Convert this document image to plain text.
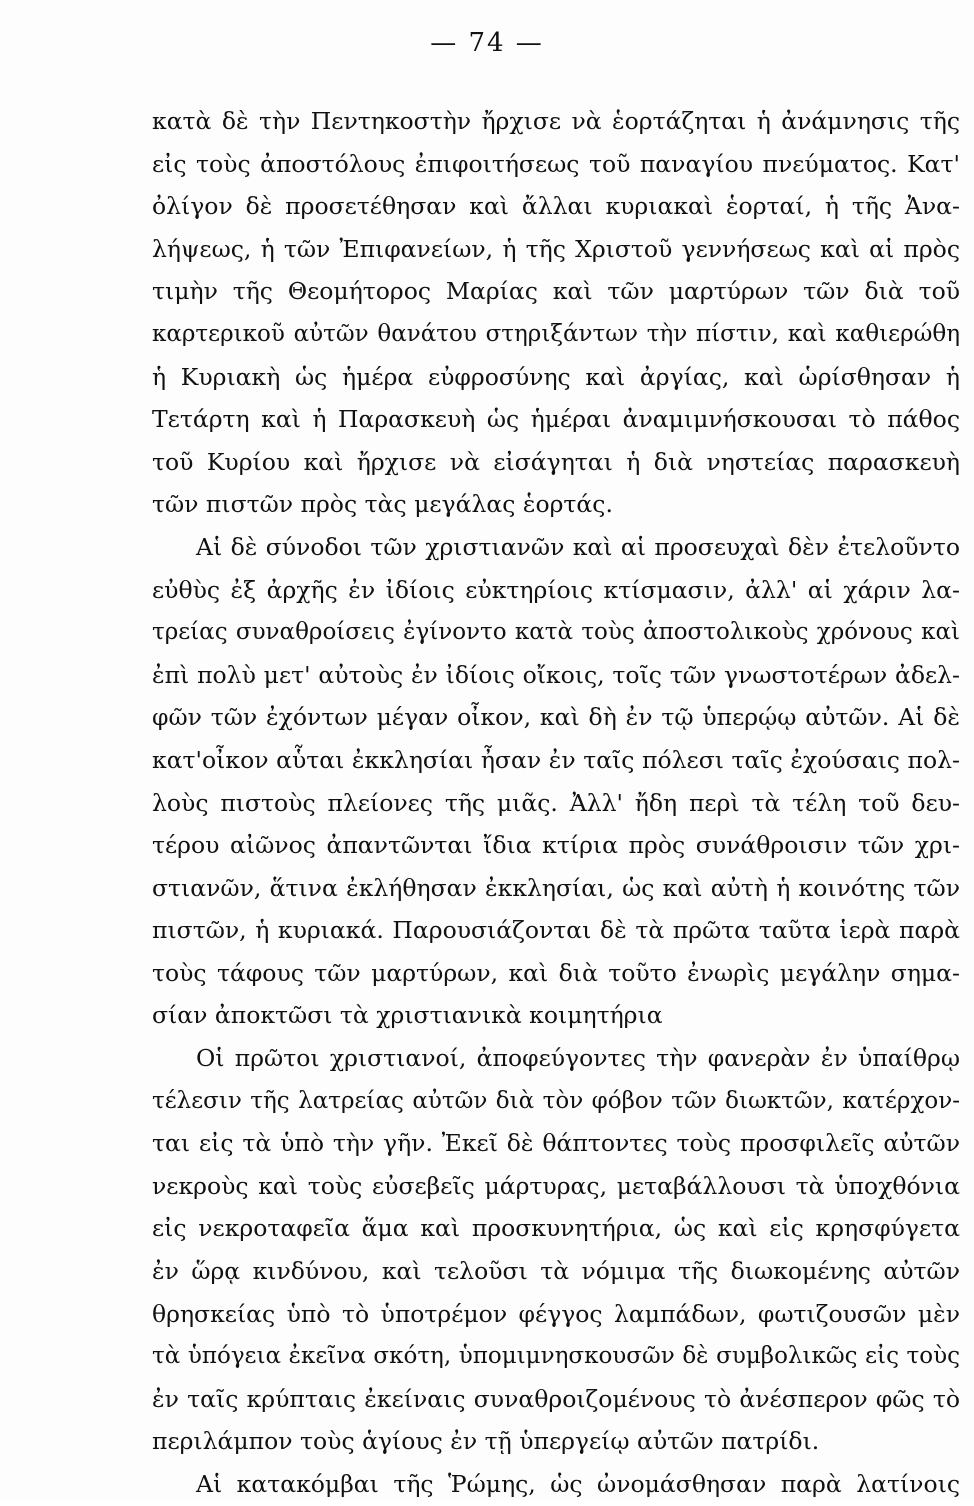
— 74 —
κατὰ δὲ τὴν Πεντηκοστὴν ἤρχισε νὰ ἑορτάζηται ἡ ἀνάμνησις τῆς
εἰς τοὺς ἀποστόλους ἐπιφοιτήσεως τοῦ παναγίου πνεύματος. Κατ'
ὀλίγον δὲ προσετέθησαν καὶ ἄλλαι κυριακαὶ ἑορταί, ἡ τῆς Ἀνα-
λήψεως, ἡ τῶν Ἐπιφανείων, ἡ τῆς Χριστοῦ γεννήσεως καὶ αἱ πρὸς
τιμὴν τῆς Θεομήτορος Μαρίας καὶ τῶν μαρτύρων τῶν διὰ τοῦ
καρτερικοῦ αὐτῶν θανάτου στηριξάντων τὴν πίστιν, καὶ καθιερώθη
ἡ Κυριακὴ ὡς ἡμέρα εὐφροσύνης καὶ ἀργίας, καὶ ὡρίσθησαν ἡ
Τετάρτη καὶ ἡ Παρασκευὴ ὡς ἡμέραι ἀναμιμνήσκουσαι τὸ πάθος
τοῦ Κυρίου καὶ ἤρχισε νὰ εἰσάγηται ἡ διὰ νηστείας παρασκευὴ
τῶν πιστῶν πρὸς τὰς μεγάλας ἑορτάς.
Αἱ δὲ σύνοδοι τῶν χριστιανῶν καὶ αἱ προσευχαὶ δὲν ἐτελοῦντο
εὐθὺς ἐξ ἀρχῆς ἐν ἰδίοις εὐκτηρίοις κτίσμασιν, ἀλλ' αἱ χάριν λα-
τρείας συναθροίσεις ἐγίνοντο κατὰ τοὺς ἀποστολικοὺς χρόνους καὶ
ἐπὶ πολὺ μετ' αὐτοὺς ἐν ἰδίοις οἴκοις, τοῖς τῶν γνωστοτέρων ἀδελ-
φῶν τῶν ἐχόντων μέγαν οἶκον, καὶ δὴ ἐν τῷ ὑπερῴῳ αὐτῶν. Αἱ δὲ
κατ'οἶκον αὗται ἐκκλησίαι ἦσαν ἐν ταῖς πόλεσι ταῖς ἐχούσαις πολ-
λοὺς πιστοὺς πλείονες τῆς μιᾶς. Ἀλλ' ἤδη περὶ τὰ τέλη τοῦ δευ-
τέρου αἰῶνος ἀπαντῶνται ἴδια κτίρια πρὸς συνάθροισιν τῶν χρι-
στιανῶν, ἅτινα ἐκλήθησαν ἐκκλησίαι, ὡς καὶ αὐτὴ ἡ κοινότης τῶν
πιστῶν, ἡ κυριακά. Παρουσιάζονται δὲ τὰ πρῶτα ταῦτα ἱερὰ παρὰ
τοὺς τάφους τῶν μαρτύρων, καὶ διὰ τοῦτο ἐνωρὶς μεγάλην σημα-
σίαν ἀποκτῶσι τὰ χριστιανικὰ κοιμητήρια
Οἱ πρῶτοι χριστιανοί, ἀποφεύγοντες τὴν φανερὰν ἐν ὑπαίθρῳ
τέλεσιν τῆς λατρείας αὐτῶν διὰ τὸν φόβον τῶν διωκτῶν, κατέρχον-
ται εἰς τὰ ὑπὸ τὴν γῆν. Ἐκεῖ δὲ θάπτοντες τοὺς προσφιλεῖς αὐτῶν
νεκροὺς καὶ τοὺς εὐσεβεῖς μάρτυρας, μεταβάλλουσι τὰ ὑποχθόνια
εἰς νεκροταφεῖα ἅμα καὶ προσκυνητήρια, ὡς καὶ εἰς κρησφύγετα
ἐν ὥρᾳ κινδύνου, καὶ τελοῦσι τὰ νόμιμα τῆς διωκομένης αὐτῶν
θρησκείας ὑπὸ τὸ ὑποτρέμον φέγγος λαμπάδων, φωτιζουσῶν μὲν
τὰ ὑπόγεια ἐκεῖνα σκότη, ὑπομιμνησκουσῶν δὲ συμβολικῶς εἰς τοὺς
ἐν ταῖς κρύπταις ἐκείναις συναθροιζομένους τὸ ἀνέσπερον φῶς τὸ
περιλάμπον τοὺς ἁγίους ἐν τῇ ὑπεργείῳ αὐτῶν πατρίδι.
Αἱ κατακόμβαι τῆς Ῥώμης, ὡς ὠνομάσθησαν παρὰ λατίνοις
